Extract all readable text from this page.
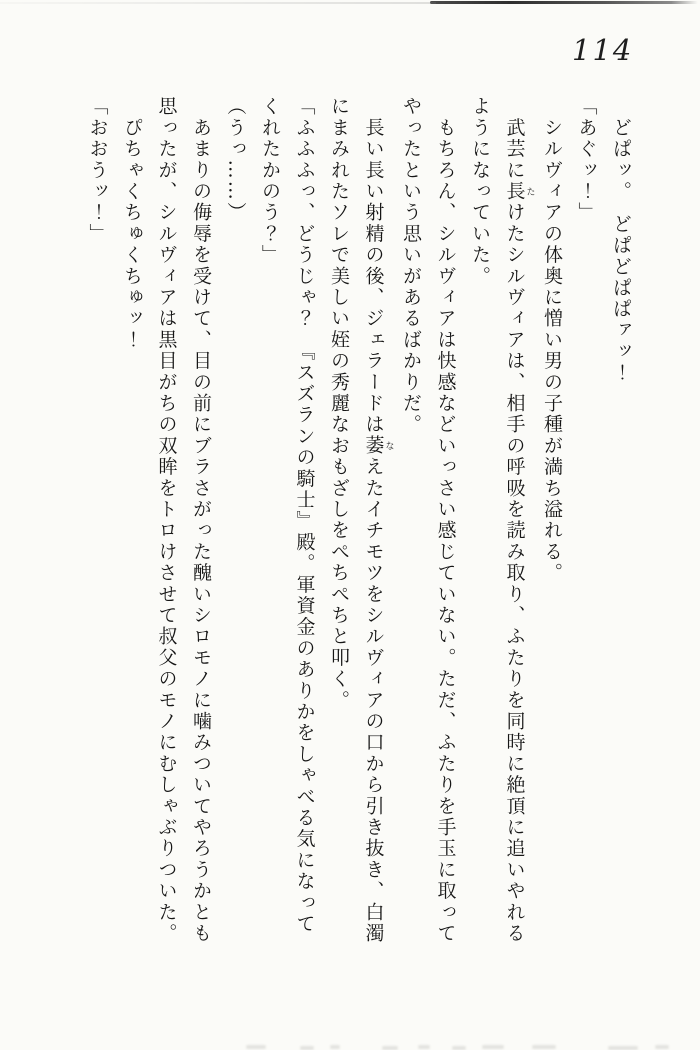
114

　どぱッ。　どぱどぱぱァッ！

「あぐッ！」

　シルヴィアの体奥に憎い男の子種が満ち溢れる。

　武芸に長 たけたシルヴィアは、相手の呼吸を読み取り、ふたりを同時に絶頂に追いやれる

ようになっていた。

　もちろん、シルヴィアは快感などいっさい感じていない。ただ、ふたりを手玉に取って

やったという思いがあるばかりだ。

　長い長い射精の後、ジェラードは萎 なえたイチモツをシルヴィアの口から引き抜き、白濁

にまみれたソレで美しい姪の秀麗なおもざしをぺちぺちと叩く。

「ふふふっ、どうじゃ？　『スズランの騎士』殿。軍資金のありかをしゃべる気になって

くれたかのう？」

（うっ……）

　あまりの侮辱を受けて、目の前にブラさがった醜いシロモノに噛みついてやろうかとも

思ったが、シルヴィアは黒目がちの双眸をトロけさせて叔父のモノにむしゃぶりついた。

　ぴちゃくちゅくちゅッ！

「おおうッ！」
